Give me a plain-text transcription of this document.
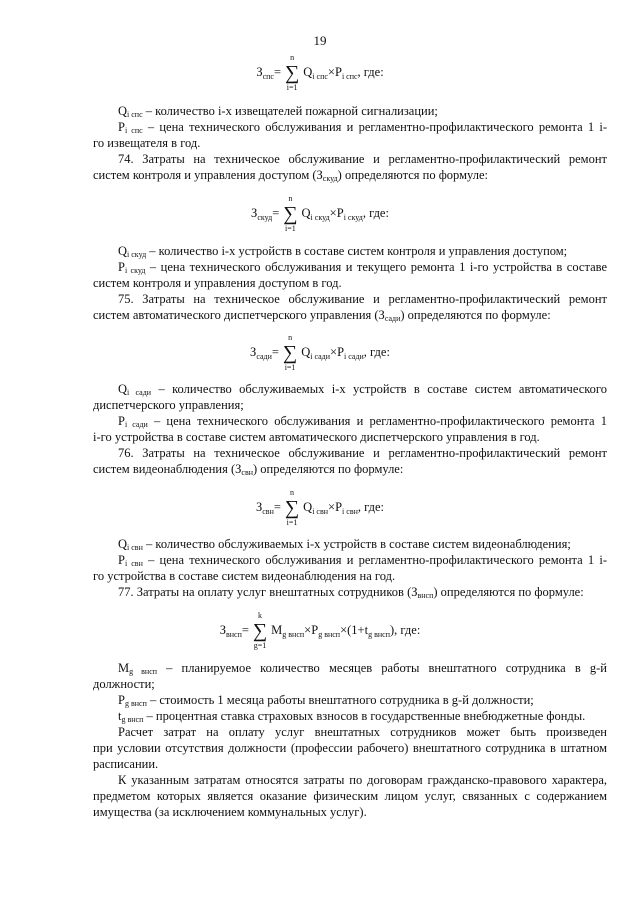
19
$З_{спс}=$
n
∑
i=1
$Q_{i спс}\times P_{i спс}$, где:
$Q_{i спс}$ – количество i-х извещателей пожарной сигнализации;
$P_{i спс}$ – цена технического обслуживания и регламентно-профилактического ремонта 1 i-
го извещателя в год.
74. Затраты на техническое обслуживание и регламентно-профилактический ремонт
систем контроля и управления доступом $(З_{скуд})$ определяются по формуле:
$З_{скуд}=$
n
∑
i=1
$Q_{i скуд}\times P_{i скуд}$, где:
$Q_{i скуд}$ – количество i-х устройств в составе систем контроля и управления доступом;
$P_{i скуд}$ – цена технического обслуживания и текущего ремонта 1 i-го устройства в составе
систем контроля и управления доступом в год.
75. Затраты на техническое обслуживание и регламентно-профилактический ремонт
систем автоматического диспетчерского управления $(З_{сади})$ определяются по формуле:
$З_{сади}=$
n
∑
i=1
$Q_{i сади}\times P_{i сади}$, где:
$Q_{i сади}$ – количество обслуживаемых i-х устройств в составе систем автоматического
диспетчерского управления;
$P_{i сади}$ – цена технического обслуживания и регламентно-профилактического ремонта 1
i-го устройства в составе систем автоматического диспетчерского управления в год.
76. Затраты на техническое обслуживание и регламентно-профилактический ремонт
систем видеонаблюдения $(З_{свн})$ определяются по формуле:
$З_{свн}=$
n
∑
i=1
$Q_{i свн}\times P_{i свн}$, где:
$Q_{i свн}$ – количество обслуживаемых i-х устройств в составе систем видеонаблюдения;
$P_{i свн}$ – цена технического обслуживания и регламентно-профилактического ремонта 1 i-
го устройства в составе систем видеонаблюдения на год.
77. Затраты на оплату услуг внештатных сотрудников $(З_{внсп})$ определяются по формуле:
$З_{внсп}=$
k
∑
g=1
$M_{g внсп}\times P_{g внсп}\times(1+t_{g внсп})$, где:
$M_{g внсп}$ – планируемое количество месяцев работы внештатного сотрудника в g-й
должности;
$P_{g внсп}$ – стоимость 1 месяца работы внештатного сотрудника в g-й должности;
$t_{g внсп}$ – процентная ставка страховых взносов в государственные внебюджетные фонды.
Расчет затрат на оплату услуг внештатных сотрудников может быть произведен
при условии отсутствия должности (профессии рабочего) внештатного сотрудника в штатном
расписании.
К указанным затратам относятся затраты по договорам гражданско-правового характера,
предметом которых является оказание физическим лицом услуг, связанных с содержанием
имущества (за исключением коммунальных услуг).
